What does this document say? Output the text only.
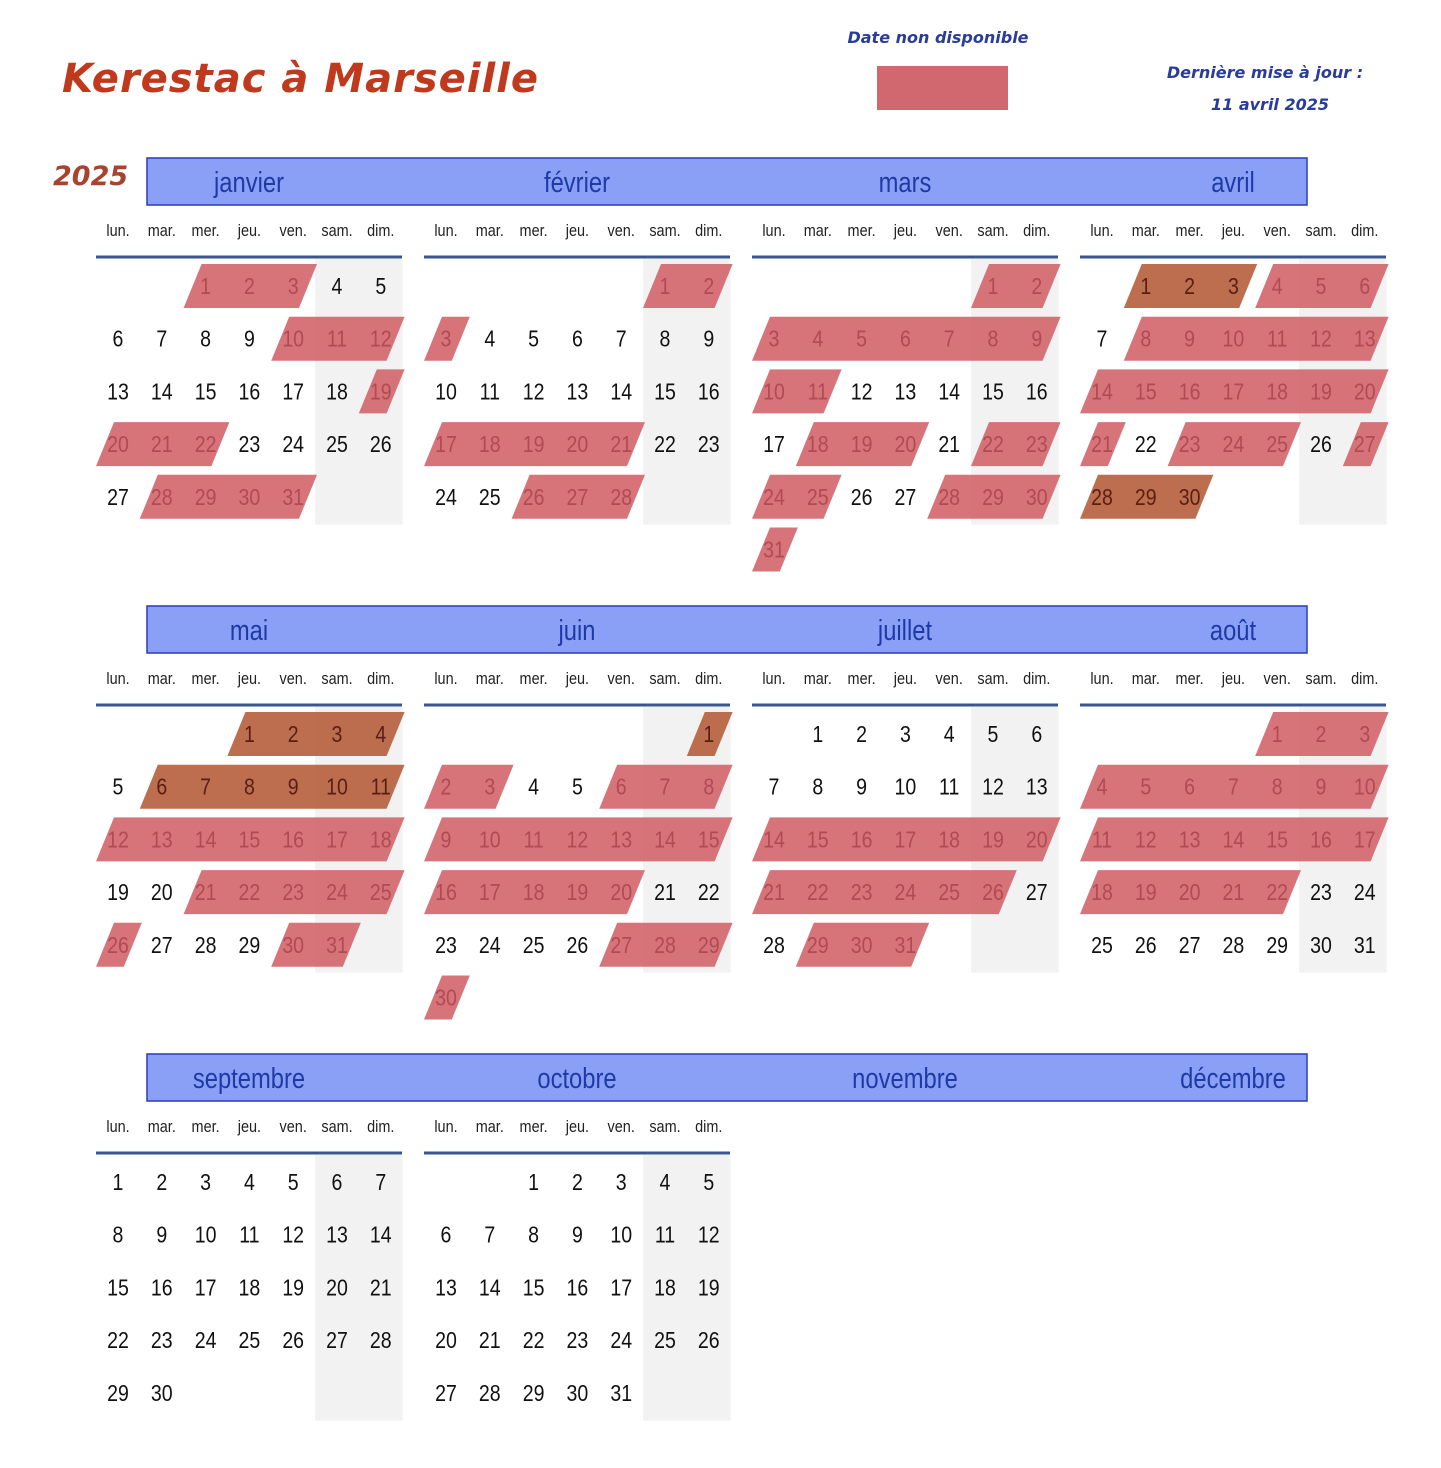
Kerestac à Marseille
2025
Date non disponible
Dernière mise à jour :
11 avril 2025
janvier
lun. mar. mer. jeu. ven. sam. dim.
1 2 3 4 5
6 7 8 9 10 11 12
13 14 15 16 17 18 19
20 21 22 23 24 25 26
27 28 29 30 31
février
lun. mar. mer. jeu. ven. sam. dim.
1 2
3 4 5 6 7 8 9
10 11 12 13 14 15 16
17 18 19 20 21 22 23
24 25 26 27 28
mars
lun. mar. mer. jeu. ven. sam. dim.
1 2
3 4 5 6 7 8 9
10 11 12 13 14 15 16
17 18 19 20 21 22 23
24 25 26 27 28 29 30
31
avril
lun. mar. mer. jeu. ven. sam. dim.
1 2 3 4 5 6
7 8 9 10 11 12 13
14 15 16 17 18 19 20
21 22 23 24 25 26 27
28 29 30
mai
lun. mar. mer. jeu. ven. sam. dim.
1 2 3 4
5 6 7 8 9 10 11
12 13 14 15 16 17 18
19 20 21 22 23 24 25
26 27 28 29 30 31
juin
lun. mar. mer. jeu. ven. sam. dim.
1
2 3 4 5 6 7 8
9 10 11 12 13 14 15
16 17 18 19 20 21 22
23 24 25 26 27 28 29
30
juillet
lun. mar. mer. jeu. ven. sam. dim.
1 2 3 4 5 6
7 8 9 10 11 12 13
14 15 16 17 18 19 20
21 22 23 24 25 26 27
28 29 30 31
août
lun. mar. mer. jeu. ven. sam. dim.
1 2 3
4 5 6 7 8 9 10
11 12 13 14 15 16 17
18 19 20 21 22 23 24
25 26 27 28 29 30 31
septembre
lun. mar. mer. jeu. ven. sam. dim.
1 2 3 4 5 6 7
8 9 10 11 12 13 14
15 16 17 18 19 20 21
22 23 24 25 26 27 28
29 30
octobre
lun. mar. mer. jeu. ven. sam. dim.
1 2 3 4 5
6 7 8 9 10 11 12
13 14 15 16 17 18 19
20 21 22 23 24 25 26
27 28 29 30 31
novembre	décembre
